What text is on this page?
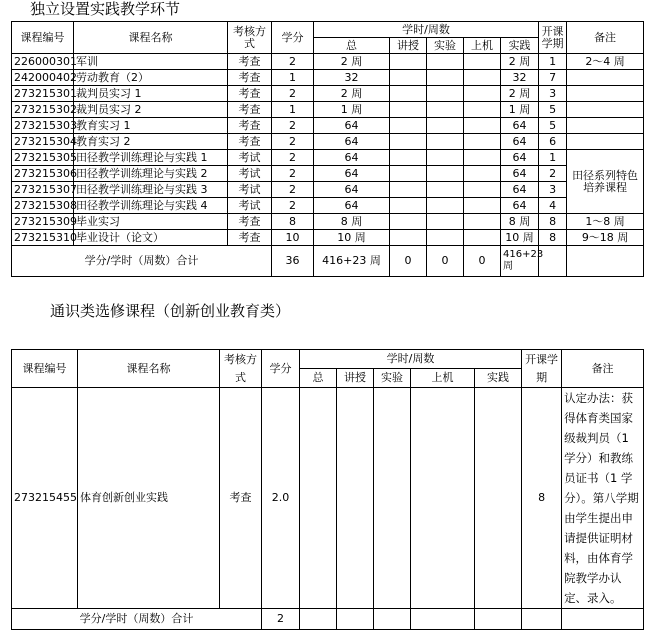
独立设置实践教学环节
课程编号	课程名称	考核方式	学分	学时/周数					开课学期	备注
				总	讲授	实验	上机	实践		
226000301	军训	考查	2	2 周				2 周	1	2～4 周
242000402	劳动教育（2）	考查	1	32				32	7	
273215301	裁判员实习 1	考查	2	2 周				2 周	3	
273215302	裁判员实习 2	考查	1	1 周				1 周	5	
273215303	教育实习 1	考查	2	64				64	5	
273215304	教育实习 2	考查	2	64				64	6	
273215305	田径教学训练理论与实践 1	考试	2	64				64	1	田径系列特色培养课程
273215306	田径教学训练理论与实践 2	考试	2	64				64	2	
273215307	田径教学训练理论与实践 3	考试	2	64				64	3	
273215308	田径教学训练理论与实践 4	考试	2	64				64	4	
273215309	毕业实习	考查	8	8 周				8 周	8	1～8 周
273215310	毕业设计（论文）	考查	10	10 周				10 周	8	9～18 周
学分/学时（周数）合计			36	416+23 周	0	0	0	416+23 周		
通识类选修课程（创新创业教育类）
课程编号	课程名称	考核方式	学分	学时/周数					开课学期	备注
				总	讲授	实验	上机	实践		
273215455	体育创新创业实践	考查	2.0						8	认定办法：获得体育类国家级裁判员（1 学分）和教练员证书（1 学分）。第八学期由学生提出申请提供证明材料，由体育学院教学办认定、录入。
学分/学时（周数）合计			2							
